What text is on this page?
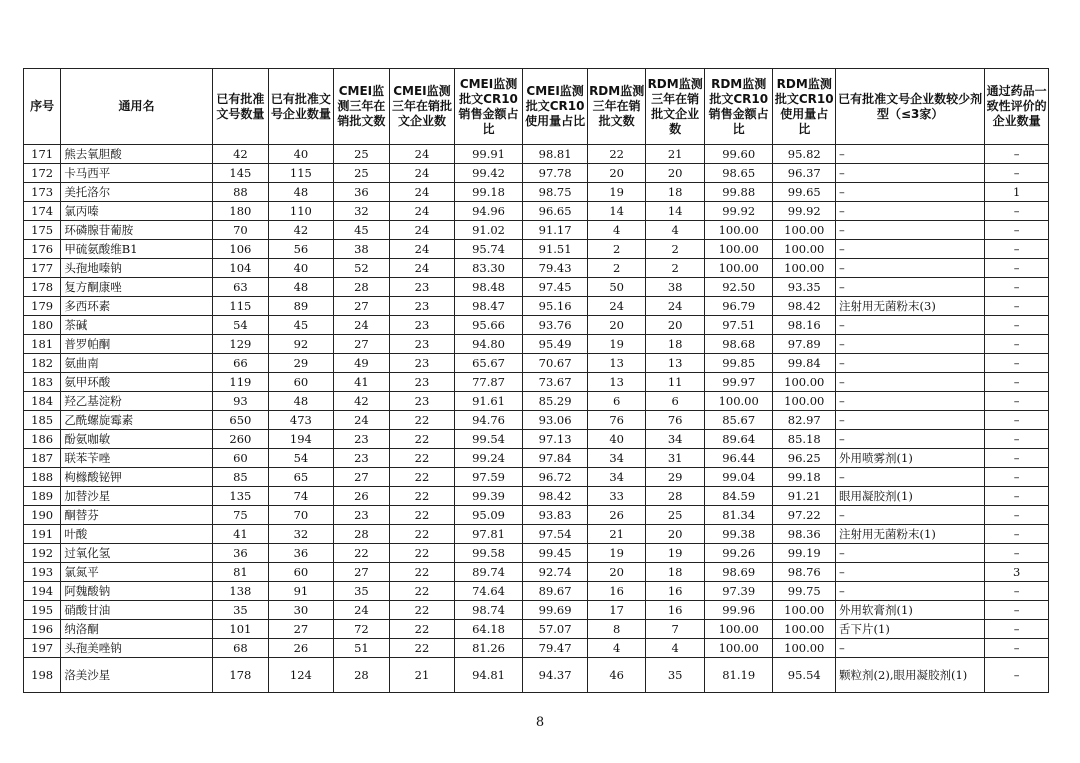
序号	通用名	已有批准文号数量	已有批准文号企业数量	CMEI监测三年在销批文数	CMEI监测三年在销批文企业数	CMEI监测批文CR10销售金额占比	CMEI监测批文CR10使用量占比	RDM监测三年在销批文数	RDM监测三年在销批文企业数	RDM监测批文CR10销售金额占比	RDM监测批文CR10使用量占比	已有批准文号企业数较少剂型（≤3家）	通过药品一致性评价的企业数量
171	熊去氧胆酸	42	40	25	24	99.91	98.81	22	21	99.60	95.82	–	–
172	卡马西平	145	115	25	24	99.42	97.78	20	20	98.65	96.37	–	–
173	美托洛尔	88	48	36	24	99.18	98.75	19	18	99.88	99.65	–	1
174	氯丙嗪	180	110	32	24	94.96	96.65	14	14	99.92	99.92	–	–
175	环磷腺苷葡胺	70	42	45	24	91.02	91.17	4	4	100.00	100.00	–	–
176	甲硫氨酸维B1	106	56	38	24	95.74	91.51	2	2	100.00	100.00	–	–
177	头孢地嗪钠	104	40	52	24	83.30	79.43	2	2	100.00	100.00	–	–
178	复方酮康唑	63	48	28	23	98.48	97.45	50	38	92.50	93.35	–	–
179	多西环素	115	89	27	23	98.47	95.16	24	24	96.79	98.42	注射用无菌粉末(3)	–
180	茶碱	54	45	24	23	95.66	93.76	20	20	97.51	98.16	–	–
181	普罗帕酮	129	92	27	23	94.80	95.49	19	18	98.68	97.89	–	–
182	氨曲南	66	29	49	23	65.67	70.67	13	13	99.85	99.84	–	–
183	氨甲环酸	119	60	41	23	77.87	73.67	13	11	99.97	100.00	–	–
184	羟乙基淀粉	93	48	42	23	91.61	85.29	6	6	100.00	100.00	–	–
185	乙酰螺旋霉素	650	473	24	22	94.76	93.06	76	76	85.67	82.97	–	–
186	酚氨咖敏	260	194	23	22	99.54	97.13	40	34	89.64	85.18	–	–
187	联苯苄唑	60	54	23	22	99.24	97.84	34	31	96.44	96.25	外用喷雾剂(1)	–
188	枸橼酸铋钾	85	65	27	22	97.59	96.72	34	29	99.04	99.18	–	–
189	加替沙星	135	74	26	22	99.39	98.42	33	28	84.59	91.21	眼用凝胶剂(1)	–
190	酮替芬	75	70	23	22	95.09	93.83	26	25	81.34	97.22	–	–
191	叶酸	41	32	28	22	97.81	97.54	21	20	99.38	98.36	注射用无菌粉末(1)	–
192	过氧化氢	36	36	22	22	99.58	99.45	19	19	99.26	99.19	–	–
193	氯氮平	81	60	27	22	89.74	92.74	20	18	98.69	98.76	–	3
194	阿魏酸钠	138	91	35	22	74.64	89.67	16	16	97.39	99.75	–	–
195	硝酸甘油	35	30	24	22	98.74	99.69	17	16	99.96	100.00	外用软膏剂(1)	–
196	纳洛酮	101	27	72	22	64.18	57.07	8	7	100.00	100.00	舌下片(1)	–
197	头孢美唑钠	68	26	51	22	81.26	79.47	4	4	100.00	100.00	–	–
198	洛美沙星	178	124	28	21	94.81	94.37	46	35	81.19	95.54	颗粒剂(2),眼用凝胶剂(1)	–
8
